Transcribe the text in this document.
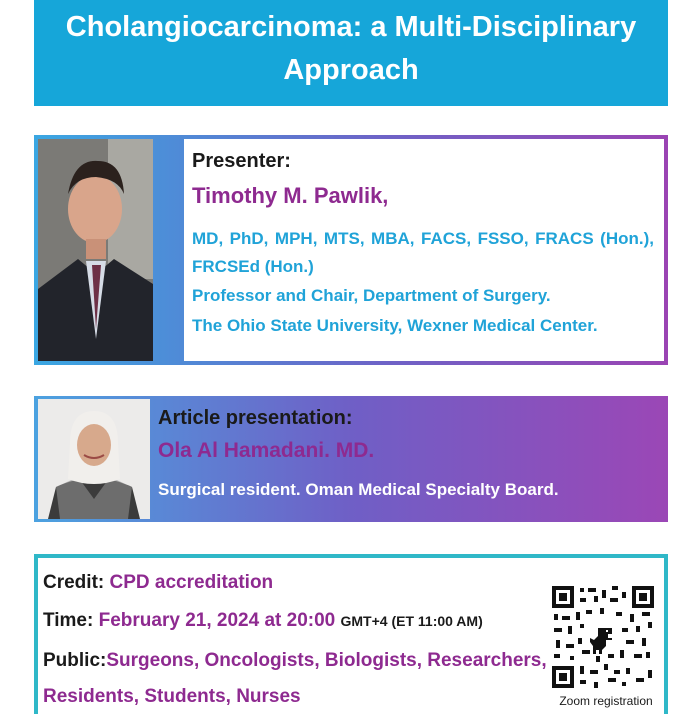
Cholangiocarcinoma: a Multi-Disciplinary
Approach
Presenter:
Timothy M. Pawlik,
MD, PhD, MPH, MTS, MBA, FACS, FSSO, FRACS (Hon.), FRCSEd (Hon.)
Professor and Chair, Department of Surgery.
The Ohio State University, Wexner Medical Center.
Article presentation:
Ola Al Hamadani. MD.
Surgical resident. Oman Medical Specialty Board.
Credit: CPD accreditation
Time: February 21, 2024 at 20:00 GMT+4 (ET 11:00 AM)
Public:Surgeons, Oncologists, Biologists, Researchers,
Residents, Students, Nurses	Zoom registration
